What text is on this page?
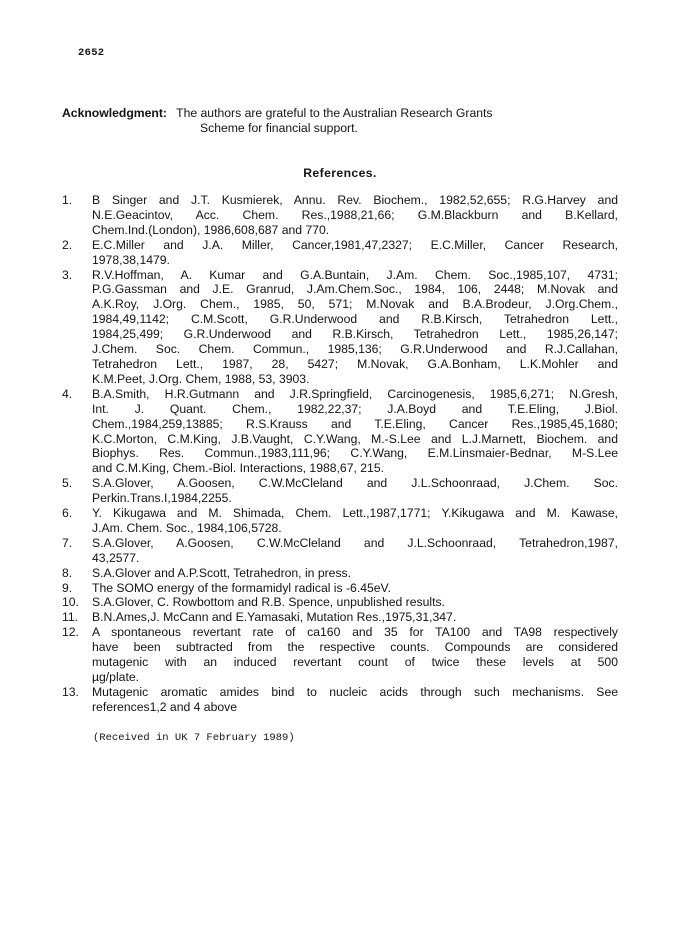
2652
Acknowledgment: The authors are grateful to the Australian Research Grants
Scheme for financial support.
References.
1.	B Singer and J.T. Kusmierek, Annu. Rev. Biochem., 1982,52,655; R.G.Harvey and
N.E.Geacintov, Acc. Chem. Res.,1988,21,66; G.M.Blackburn and B.Kellard,
Chem.Ind.(London), 1986,608,687 and 770.
2.	E.C.Miller and J.A. Miller, Cancer,1981,47,2327; E.C.Miller, Cancer Research,
1978,38,1479.
3.	R.V.Hoffman, A. Kumar and G.A.Buntain, J.Am. Chem. Soc.,1985,107, 4731;
P.G.Gassman and J.E. Granrud, J.Am.Chem.Soc., 1984, 106, 2448; M.Novak and
A.K.Roy, J.Org. Chem., 1985, 50, 571; M.Novak and B.A.Brodeur, J.Org.Chem.,
1984,49,1142; C.M.Scott, G.R.Underwood and R.B.Kirsch, Tetrahedron Lett.,
1984,25,499; G.R.Underwood and R.B.Kirsch, Tetrahedron Lett., 1985,26,147;
J.Chem. Soc. Chem. Commun., 1985,136; G.R.Underwood and R.J.Callahan,
Tetrahedron Lett., 1987, 28, 5427; M.Novak, G.A.Bonham, L.K.Mohler and
K.M.Peet, J.Org. Chem, 1988, 53, 3903.
4.	B.A.Smith, H.R.Gutmann and J.R.Springfield, Carcinogenesis, 1985,6,271; N.Gresh,
Int. J. Quant. Chem., 1982,22,37; J.A.Boyd and T.E.Eling, J.Biol.
Chem.,1984,259,13885; R.S.Krauss and T.E.Eling, Cancer Res.,1985,45,1680;
K.C.Morton, C.M.King, J.B.Vaught, C.Y.Wang, M.-S.Lee and L.J.Marnett, Biochem. and
Biophys. Res. Commun.,1983,111,96; C.Y.Wang, E.M.Linsmaier-Bednar, M-S.Lee
and C.M.King, Chem.-Biol. Interactions, 1988,67, 215.
5.	S.A.Glover, A.Goosen, C.W.McCleland and J.L.Schoonraad, J.Chem. Soc.
Perkin.Trans.I,1984,2255.
6.	Y. Kikugawa and M. Shimada, Chem. Lett.,1987,1771; Y.Kikugawa and M. Kawase,
J.Am. Chem. Soc., 1984,106,5728.
7.	S.A.Glover, A.Goosen, C.W.McCleland and J.L.Schoonraad, Tetrahedron,1987,
43,2577.
8.	S.A.Glover and A.P.Scott, Tetrahedron, in press.
9.	The SOMO energy of the formamidyl radical is -6.45eV.
10.	S.A.Glover, C. Rowbottom and R.B. Spence, unpublished results.
11.	B.N.Ames,J. McCann and E.Yamasaki, Mutation Res.,1975,31,347.
12.	A spontaneous revertant rate of ca160 and 35 for TA100 and TA98 respectively
have been subtracted from the respective counts. Compounds are considered
mutagenic with an induced revertant count of twice these levels at 500
µg/plate.
13.	Mutagenic aromatic amides bind to nucleic acids through such mechanisms. See
references1,2 and 4 above
(Received in UK 7 February 1989)
